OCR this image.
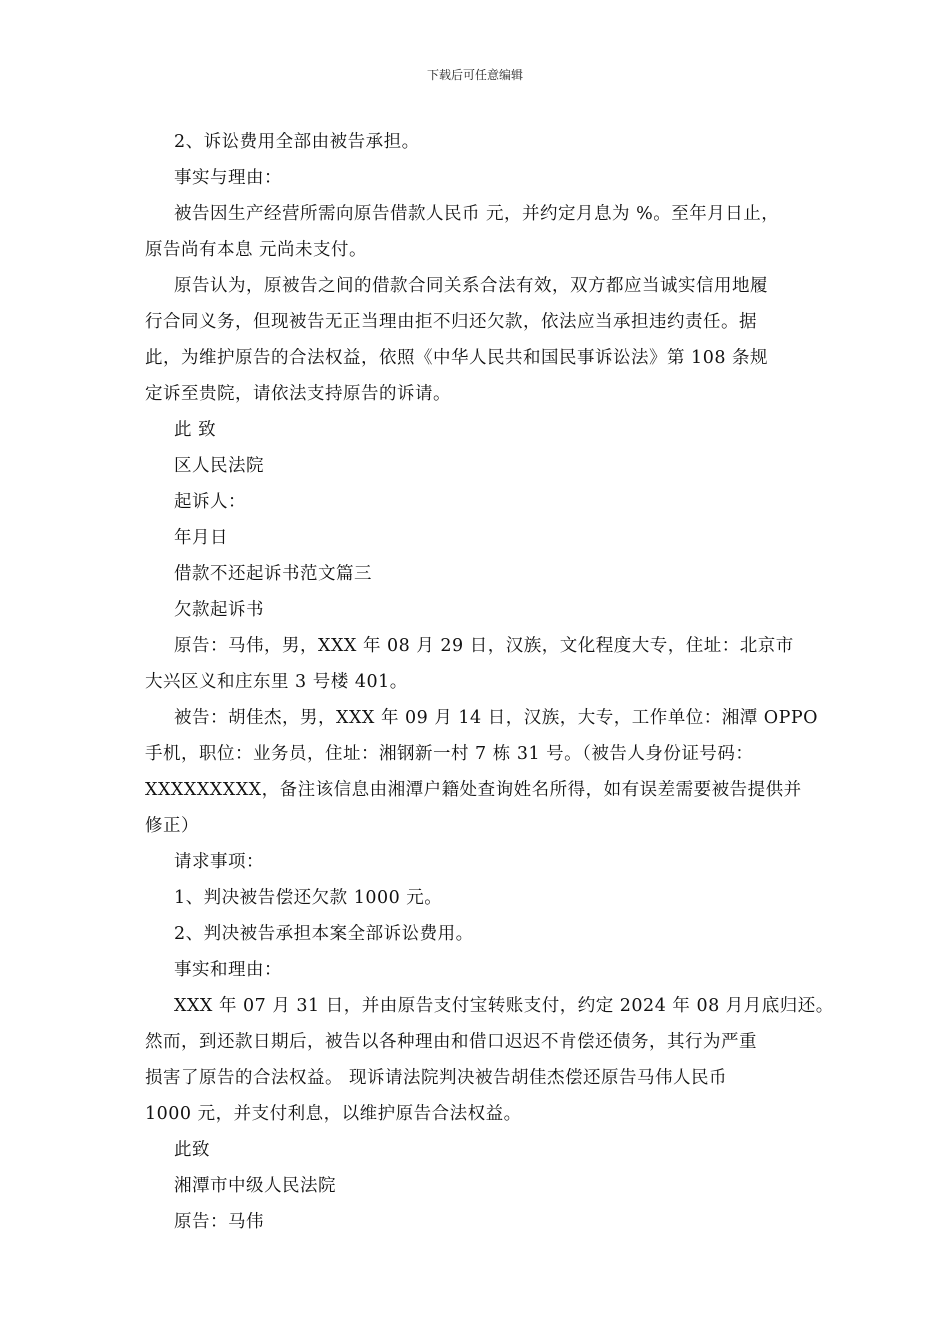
下载后可任意编辑

2、诉讼费用全部由被告承担。

事实与理由：

被告因生产经营所需向原告借款人民币 元，并约定月息为 %。至年月日止，

原告尚有本息 元尚未支付。

原告认为，原被告之间的借款合同关系合法有效，双方都应当诚实信用地履

行合同义务，但现被告无正当理由拒不归还欠款，依法应当承担违约责任。据

此，为维护原告的合法权益，依照《中华人民共和国民事诉讼法》第 108 条规

定诉至贵院，请依法支持原告的诉请。

此 致

区人民法院

起诉人：

年月日

借款不还起诉书范文篇三

欠款起诉书

原告：马伟，男，XXX 年 08 月 29 日，汉族，文化程度大专，住址：北京市

大兴区义和庄东里 3 号楼 401。

被告：胡佳杰，男，XXX 年 09 月 14 日，汉族，大专，工作单位：湘潭 OPPO

手机，职位：业务员，住址：湘钢新一村 7 栋 31 号。（被告人身份证号码：

XXXXXXXXX，备注该信息由湘潭户籍处查询姓名所得，如有误差需要被告提供并

修正）

请求事项：

1、判决被告偿还欠款 1000 元。

2、判决被告承担本案全部诉讼费用。

事实和理由：

XXX 年 07 月 31 日，并由原告支付宝转账支付，约定 2024 年 08 月月底归还。

然而，到还款日期后，被告以各种理由和借口迟迟不肯偿还债务，其行为严重

损害了原告的合法权益。 现诉请法院判决被告胡佳杰偿还原告马伟人民币

1000 元，并支付利息，以维护原告合法权益。

此致

湘潭市中级人民法院

原告：马伟
